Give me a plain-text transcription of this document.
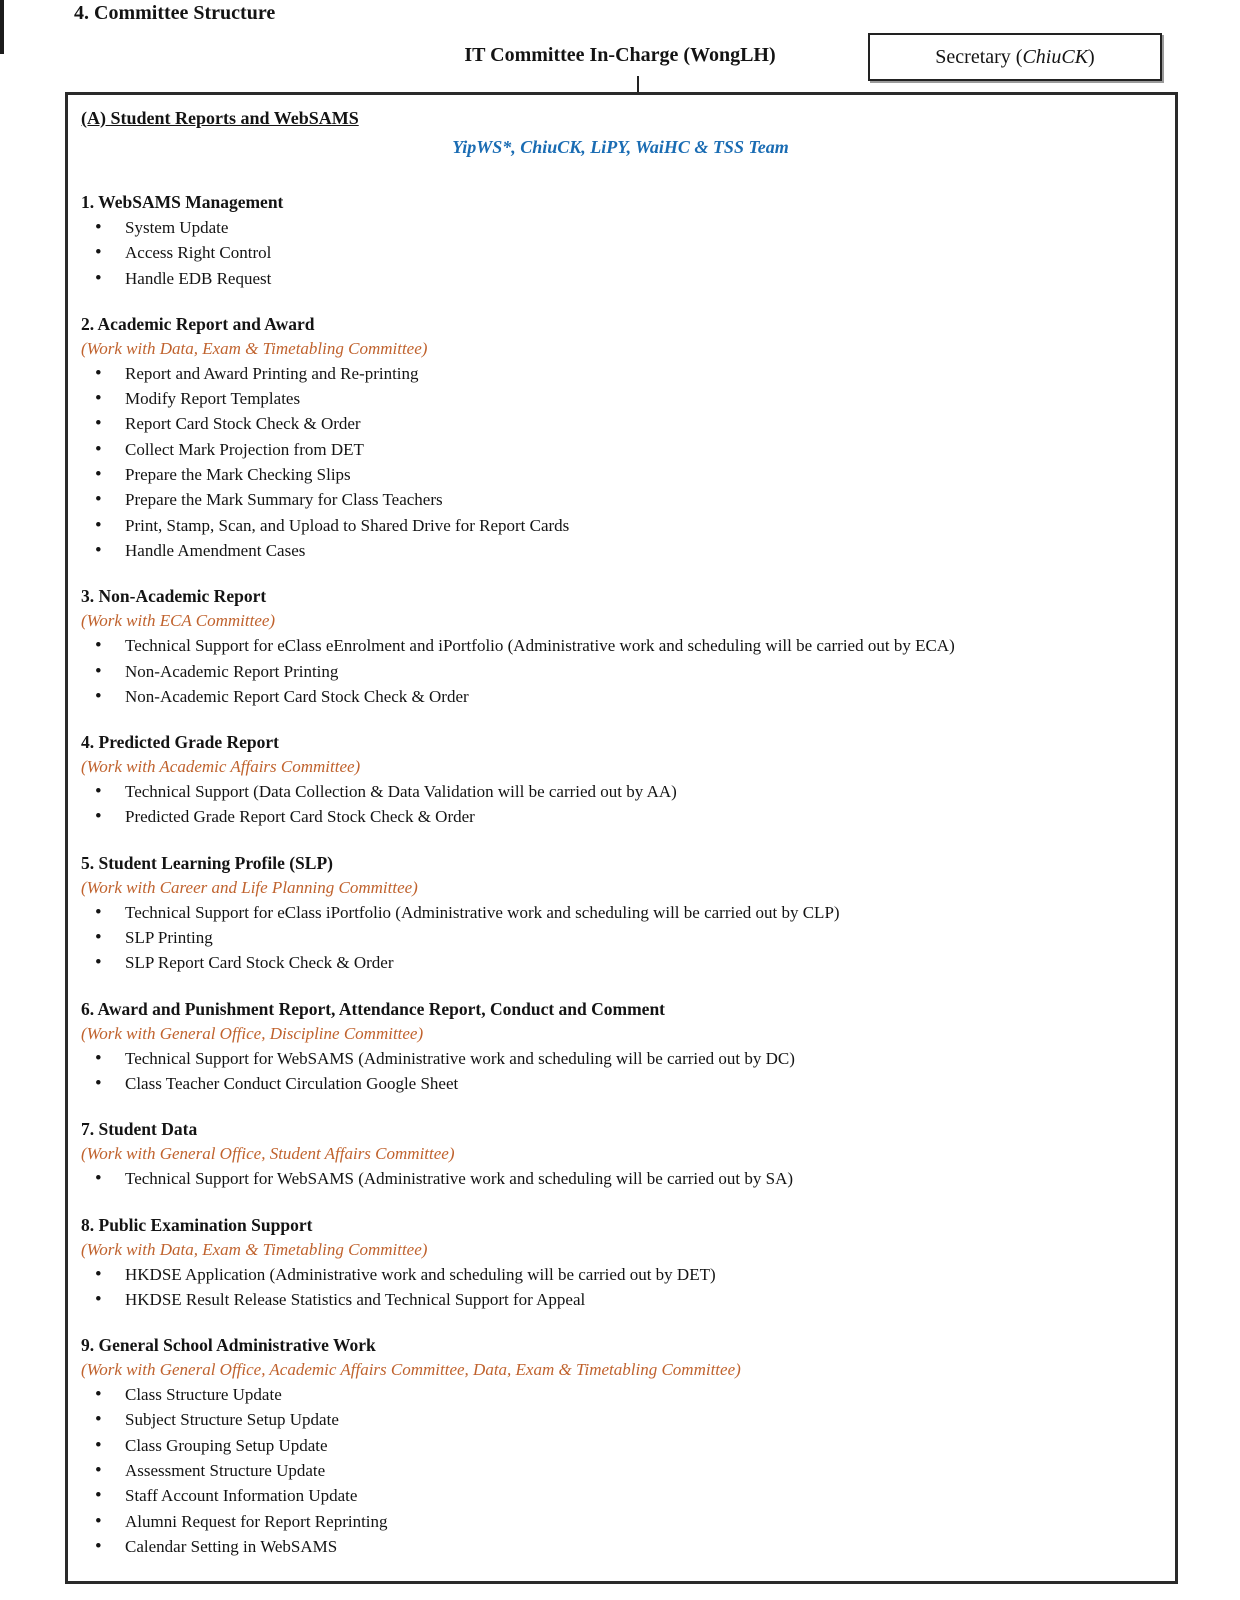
4. Committee Structure
IT Committee In-Charge (WongLH)	Secretary ( ChiuCK )
(A) Student Reports and WebSAMS
YipWS*, ChiuCK, LiPY, WaiHC & TSS Team
1. WebSAMS Management
• System Update
• Access Right Control
• Handle EDB Request
2. Academic Report and Award
(Work with Data, Exam & Timetabling Committee)
• Report and Award Printing and Re-printing
• Modify Report Templates
• Report Card Stock Check & Order
• Collect Mark Projection from DET
• Prepare the Mark Checking Slips
• Prepare the Mark Summary for Class Teachers
• Print, Stamp, Scan, and Upload to Shared Drive for Report Cards
• Handle Amendment Cases
3. Non-Academic Report
(Work with ECA Committee)
• Technical Support for eClass eEnrolment and iPortfolio (Administrative work and scheduling will be carried out by ECA)
• Non-Academic Report Printing
• Non-Academic Report Card Stock Check & Order
4. Predicted Grade Report
(Work with Academic Affairs Committee)
• Technical Support (Data Collection & Data Validation will be carried out by AA)
• Predicted Grade Report Card Stock Check & Order
5. Student Learning Profile (SLP)
(Work with Career and Life Planning Committee)
• Technical Support for eClass iPortfolio (Administrative work and scheduling will be carried out by CLP)
• SLP Printing
• SLP Report Card Stock Check & Order
6. Award and Punishment Report, Attendance Report, Conduct and Comment
(Work with General Office, Discipline Committee)
• Technical Support for WebSAMS (Administrative work and scheduling will be carried out by DC)
• Class Teacher Conduct Circulation Google Sheet
7. Student Data
(Work with General Office, Student Affairs Committee)
• Technical Support for WebSAMS (Administrative work and scheduling will be carried out by SA)
8. Public Examination Support
(Work with Data, Exam & Timetabling Committee)
• HKDSE Application (Administrative work and scheduling will be carried out by DET)
• HKDSE Result Release Statistics and Technical Support for Appeal
9. General School Administrative Work
(Work with General Office, Academic Affairs Committee, Data, Exam & Timetabling Committee)
• Class Structure Update
• Subject Structure Setup Update
• Class Grouping Setup Update
• Assessment Structure Update
• Staff Account Information Update
• Alumni Request for Report Reprinting
• Calendar Setting in WebSAMS
